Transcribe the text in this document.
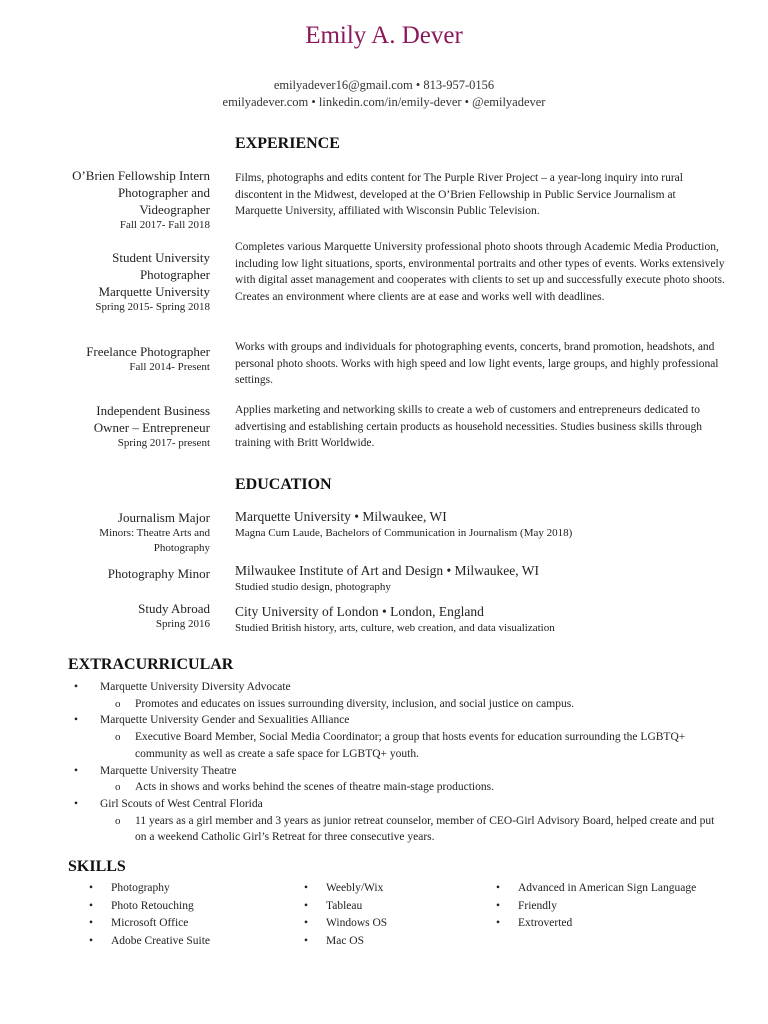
Emily A. Dever
emilyadever16@gmail.com • 813-957-0156
emilyadever.com • linkedin.com/in/emily-dever • @emilyadever
EXPERIENCE
O’Brien Fellowship Intern
Photographer and
Videographer
Fall 2017- Fall 2018
Films, photographs and edits content for The Purple River Project – a year-long inquiry into rural discontent in the Midwest, developed at the O’Brien Fellowship in Public Service Journalism at Marquette University, affiliated with Wisconsin Public Television.
Student University
Photographer
Marquette University
Spring 2015- Spring 2018
Completes various Marquette University professional photo shoots through Academic Media Production, including low light situations, sports, environmental portraits and other types of events. Works extensively with digital asset management and cooperates with clients to set up and successfully execute photo shoots. Creates an environment where clients are at ease and works well with deadlines.
Freelance Photographer
Fall 2014- Present
Works with groups and individuals for photographing events, concerts, brand promotion, headshots, and personal photo shoots. Works with high speed and low light events, large groups, and highly professional settings.
Independent Business
Owner – Entrepreneur
Spring 2017- present
Applies marketing and networking skills to create a web of customers and entrepreneurs dedicated to advertising and establishing certain products as household necessities. Studies business skills through training with Britt Worldwide.
EDUCATION
Journalism Major
Minors: Theatre Arts and
Photography
Marquette University • Milwaukee, WI
Magna Cum Laude, Bachelors of Communication in Journalism (May 2018)
Photography Minor Milwaukee Institute of Art and Design • Milwaukee, WI
Studied studio design, photography
Study Abroad
Spring 2016
City University of London • London, England
Studied British history, arts, culture, web creation, and data visualization
EXTRACURRICULAR
• Marquette University Diversity Advocate
o Promotes and educates on issues surrounding diversity, inclusion, and social justice on campus.
• Marquette University Gender and Sexualities Alliance
o Executive Board Member, Social Media Coordinator; a group that hosts events for education surrounding the LGBTQ+ community as well as create a safe space for LGBTQ+ youth.
• Marquette University Theatre
o Acts in shows and works behind the scenes of theatre main-stage productions.
• Girl Scouts of West Central Florida
o 11 years as a girl member and 3 years as junior retreat counselor, member of CEO-Girl Advisory Board, helped create and put on a weekend Catholic Girl’s Retreat for three consecutive years.
SKILLS
• Photography
• Photo Retouching
• Microsoft Office
• Adobe Creative Suite
• Weebly/Wix
• Tableau
• Windows OS
• Mac OS
• Advanced in American Sign Language
• Friendly
• Extroverted
